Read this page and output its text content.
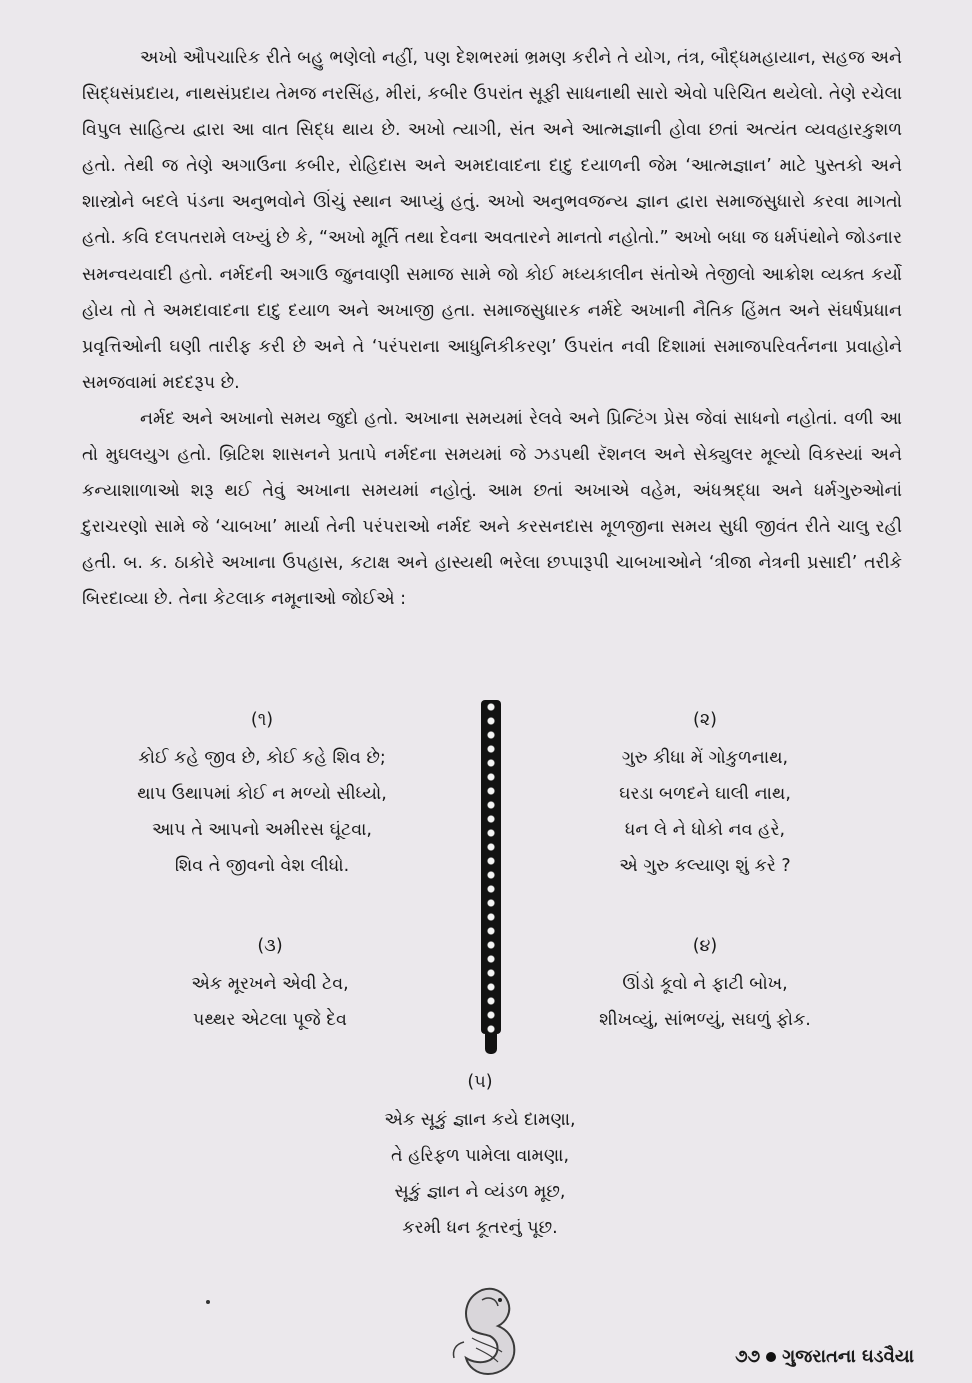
અખો ઔપચારિક રીતે બહુ ભણેલો નહીં, પણ દેશભરમાં ભ્રમણ કરીને તે યોગ, તંત્ર, બૌદ્ધમહાયાન, સહજ અને સિદ્ધસંપ્રદાય, નાથસંપ્રદાય તેમજ નરસિંહ, મીરાં, કબીર ઉપરાંત સૂફી સાધનાથી સારો એવો પરિચિત થયેલો. તેણે રચેલા વિપુલ સાહિત્ય દ્વારા આ વાત સિદ્ધ થાય છે. અખો ત્યાગી, સંત અને આત્મજ્ઞાની હોવા છતાં અત્યંત વ્યવહારકુશળ હતો. તેથી જ તેણે અગાઉના કબીર, રોહિદાસ અને અમદાવાદના દાદુ દયાળની જેમ ‘આત્મજ્ઞાન’ માટે પુસ્તકો અને શાસ્ત્રોને બદલે પંડના અનુભવોને ઊંચું સ્થાન આપ્યું હતું. અખો અનુભવજન્ય જ્ઞાન દ્વારા સમાજસુધારો કરવા માગતો હતો. કવિ દલપતરામે લખ્યું છે કે, “અખો મૂર્તિ તથા દેવના અવતારને માનતો નહોતો.” અખો બધા જ ધર્મપંથોને જોડનાર સમન્વયવાદી હતો. નર્મદની અગાઉ જુનવાણી સમાજ સામે જો કોઈ મધ્યકાલીન સંતોએ તેજીલો આક્રોશ વ્યક્ત કર્યો હોય તો તે અમદાવાદના દાદુ દયાળ અને અખાજી હતા. સમાજસુધારક નર્મદે અખાની નૈતિક હિંમત અને સંઘર્ષપ્રધાન પ્રવૃત્તિઓની ઘણી તારીફ કરી છે અને તે ‘પરંપરાના આધુનિકીકરણ’ ઉપરાંત નવી દિશામાં સમાજપરિવર્તનના પ્રવાહોને સમજવામાં મદદરૂપ છે.

નર્મદ અને અખાનો સમય જુદો હતો. અખાના સમયમાં રેલવે અને પ્રિન્ટિંગ પ્રેસ જેવાં સાધનો નહોતાં. વળી આ તો મુઘલયુગ હતો. બ્રિટિશ શાસનને પ્રતાપે નર્મદના સમયમાં જે ઝડપથી રૅશનલ અને સેક્યુલર મૂલ્યો વિકસ્યાં અને કન્યાશાળાઓ શરૂ થઈ તેવું અખાના સમયમાં નહોતું. આમ છતાં અખાએ વહેમ, અંધશ્રદ્ધા અને ધર્મગુરુઓનાં દુરાચરણો સામે જે ‘ચાબખા’ માર્યા તેની પરંપરાઓ નર્મદ અને કરસનદાસ મૂળજીના સમય સુધી જીવંત રીતે ચાલુ રહી હતી. બ. ક. ઠાકોરે અખાના ઉપહાસ, કટાક્ષ અને હાસ્યથી ભરેલા છપ્પારૂપી ચાબખાઓને ‘ત્રીજા નેત્રની પ્રસાદી’ તરીકે બિરદાવ્યા છે. તેના કેટલાક નમૂનાઓ જોઈએ :

(૧)
કોઈ કહે જીવ છે, કોઈ કહે શિવ છે;
થાપ ઉથાપમાં કોઈ ન મળ્યો સીધ્યો,
આપ તે આપનો અમીરસ ઘૂંટવા,
શિવ તે જીવનો વેશ લીધો.
(૨)
ગુરુ કીધા મેં ગોકુળનાથ,
ઘરડા બળદને ઘાલી નાથ,
ધન લે ને ધોકો નવ હરે,
એ ગુરુ કલ્યાણ શું કરે ?
(૩)
એક મૂરખને એવી ટેવ,
પથ્થર એટલા પૂજે દેવ
(૪)
ઊંડો કૂવો ને ફાટી બોખ,
શીખવ્યું, સાંભળ્યું, સઘળું ફોક.
(૫)
એક સૂકું જ્ઞાન કયે દામણા,
તે હરિફળ પામેલા વામણા,
સૂકું જ્ઞાન ને વ્યંડળ મૂછ,
કરમી ધન કૂતરનું પૂછ.
૭૭ ગુજરાતના ઘડવૈયા
